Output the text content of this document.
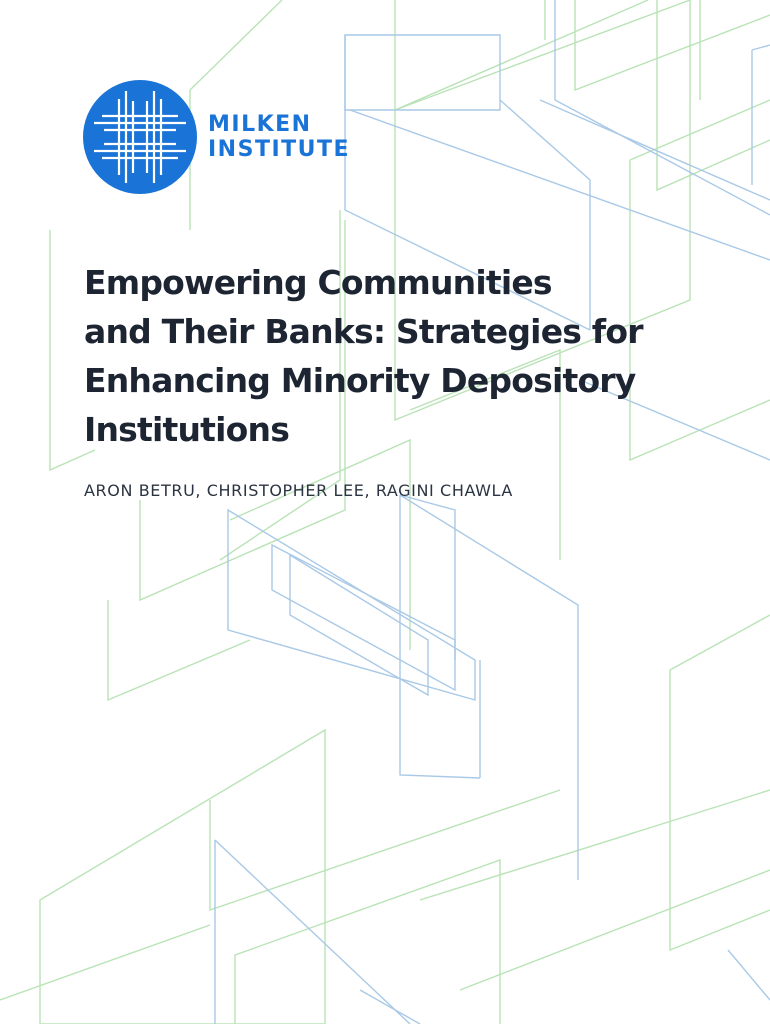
MILKEN
INSTITUTE
Empowering Communities
and Their Banks: Strategies for
Enhancing Minority Depository
Institutions

ARON BETRU, CHRISTOPHER LEE, RAGINI CHAWLA
